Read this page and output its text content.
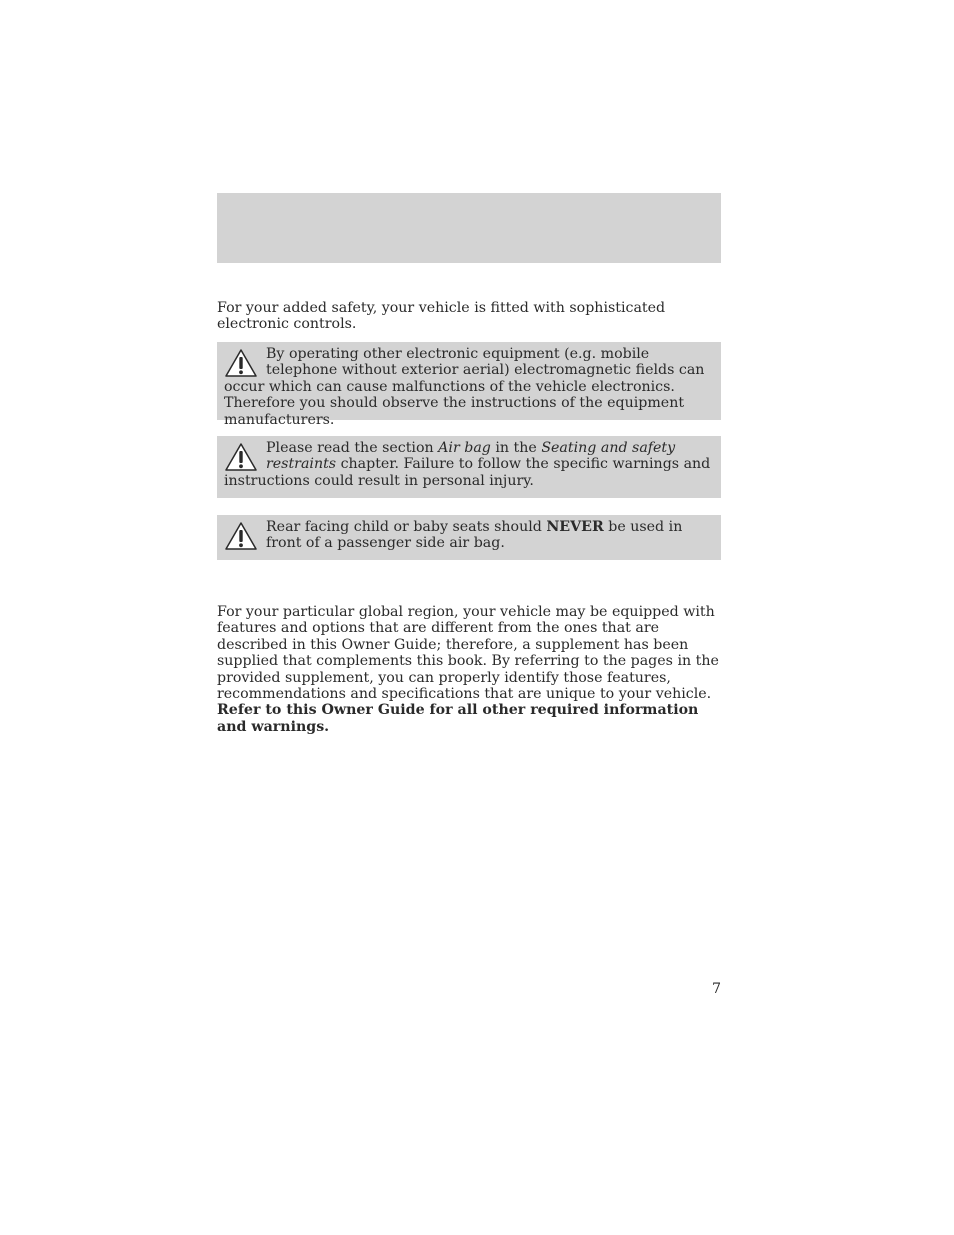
For your added safety, your vehicle is fitted with sophisticated electronic controls.

By operating other electronic equipment (e.g. mobile telephone without exterior aerial) electromagnetic fields can occur which can cause malfunctions of the vehicle electronics. Therefore you should observe the instructions of the equipment manufacturers.
Please read the section Air bag in the Seating and safety restraints chapter. Failure to follow the specific warnings and instructions could result in personal injury.
Rear facing child or baby seats should NEVER be used in front of a passenger side air bag.

For your particular global region, your vehicle may be equipped with features and options that are different from the ones that are described in this Owner Guide; therefore, a supplement has been supplied that complements this book. By referring to the pages in the provided supplement, you can properly identify those features, recommendations and specifications that are unique to your vehicle. Refer to this Owner Guide for all other required information and warnings.

7
